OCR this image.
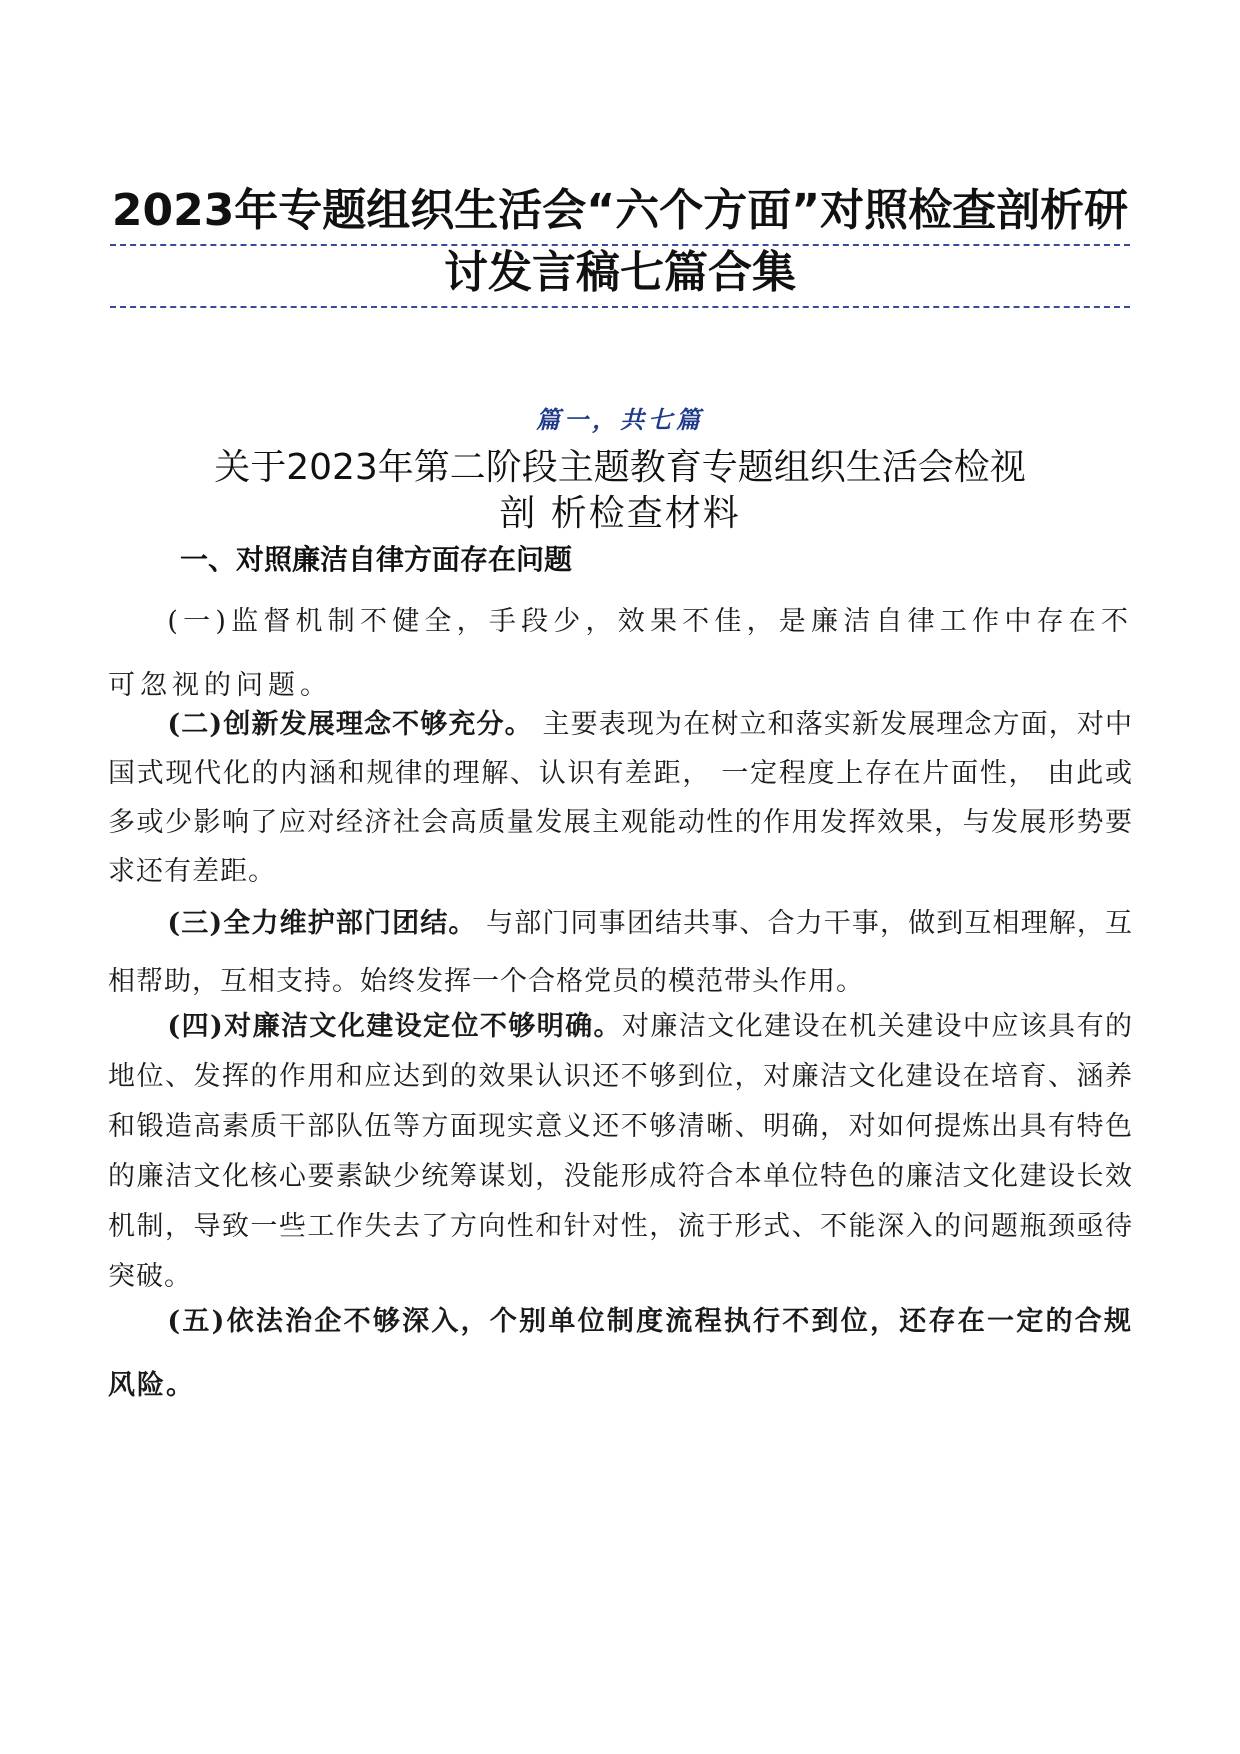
2023年专题组织生活会“六个方面”对照检查剖析研
讨发言稿七篇合集
篇一，共七篇
关于2023年第二阶段主题教育专题组织生活会检视
剖 析检查材料
一、对照廉洁自律方面存在问题

(一)监督机制不健全，手段少，效果不佳，是廉洁自律工作中存在不可忽视的问题。

(二)创新发展理念不够充分。 主要表现为在树立和落实新发展理念方面，对中国式现代化的内涵和规律的理解、认识有差距， 一定程度上存在片面性， 由此或多或少影响了应对经济社会高质量发展主观能动性的作用发挥效果，与发展形势要求还有差距。

(三)全力维护部门团结。 与部门同事团结共事、合力干事，做到互相理解，互相帮助，互相支持。始终发挥一个合格党员的模范带头作用。

(四)对廉洁文化建设定位不够明确。对廉洁文化建设在机关建设中应该具有的地位、发挥的作用和应达到的效果认识还不够到位，对廉洁文化建设在培育、涵养和锻造高素质干部队伍等方面现实意义还不够清晰、明确，对如何提炼出具有特色的廉洁文化核心要素缺少统筹谋划，没能形成符合本单位特色的廉洁文化建设长效机制，导致一些工作失去了方向性和针对性，流于形式、不能深入的问题瓶颈亟待突破。

(五)依法治企不够深入，个别单位制度流程执行不到位，还存在一定的合规风险。
